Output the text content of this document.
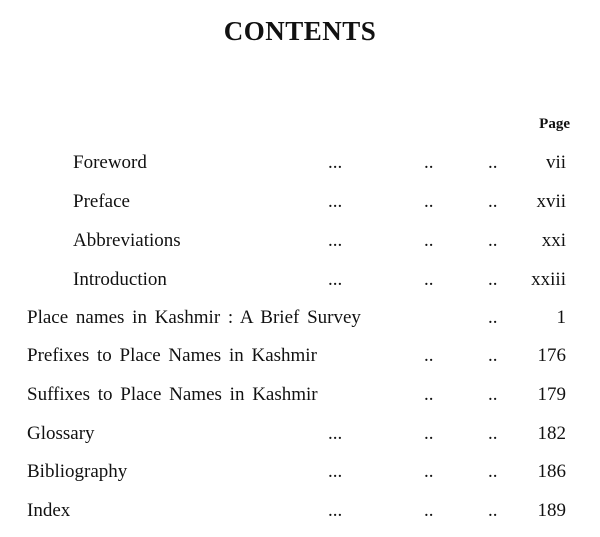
CONTENTS
Page
Foreword	...	..	..	vii
Preface	...	..	.. xvii
Abbreviations	...	..	.. xxi
Introduction	...	..	.. xxiii
Place names in Kashmir : A Brief Survey	..	1
Prefixes to Place Names in Kashmir	..	.. 176
Suffixes to Place Names in Kashmir	..	.. 179
Glossary	...	..	.. 182
Bibliography	...	..	.. 186
Index	...	..	.. 189
